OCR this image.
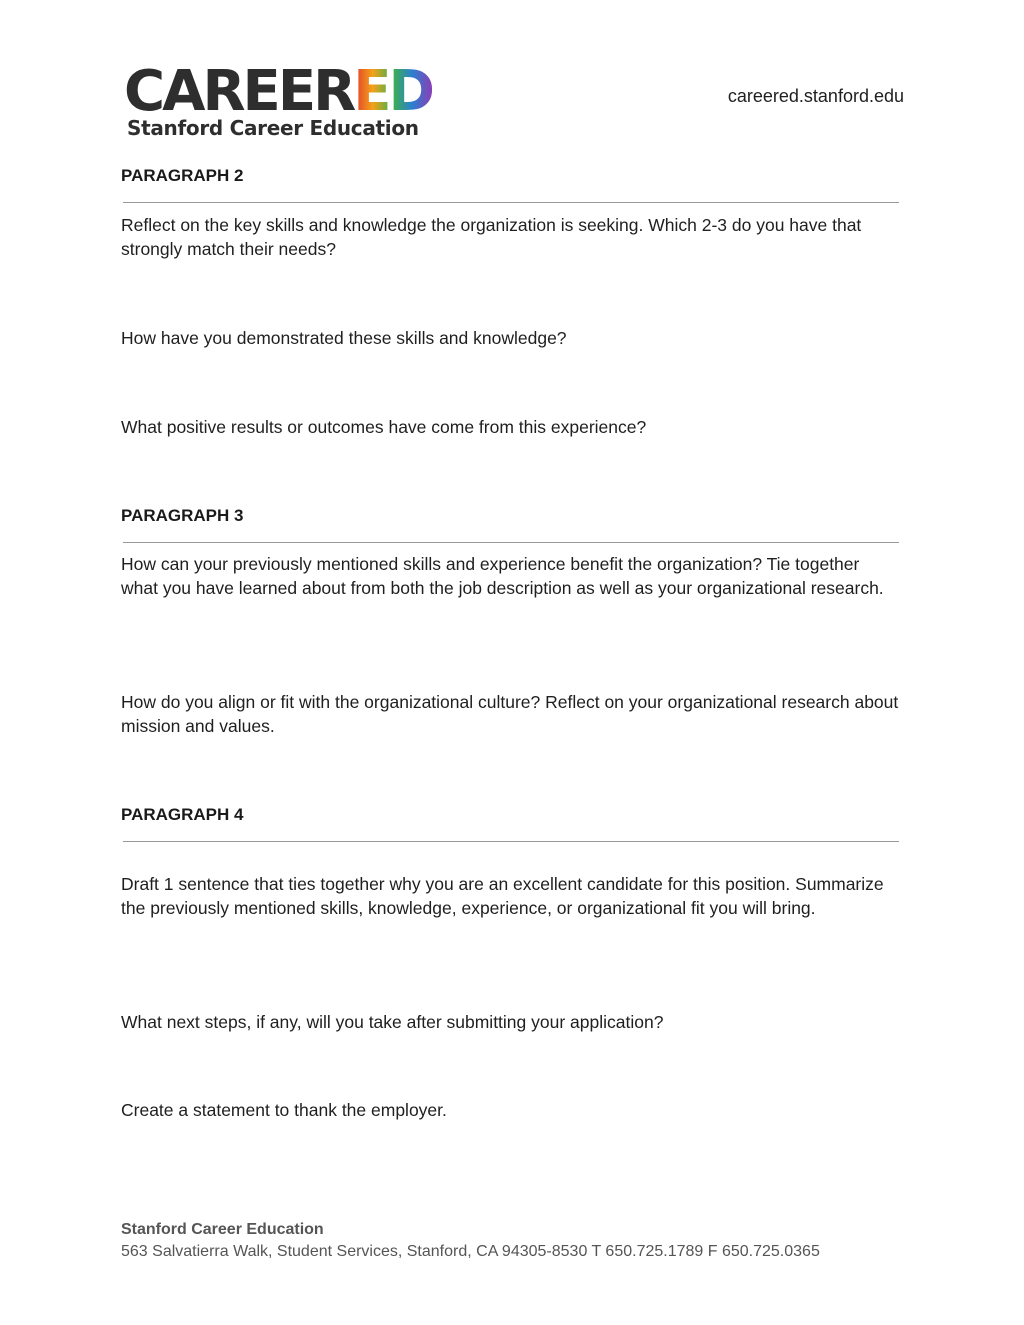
CAREERED
Stanford Career Education
careered.stanford.edu
PARAGRAPH 2
Reflect on the key skills and knowledge the organization is seeking. Which 2-3 do you have that strongly match their needs?
How have you demonstrated these skills and knowledge?
What positive results or outcomes have come from this experience?
PARAGRAPH 3
How can your previously mentioned skills and experience benefit the organization? Tie together what you have learned about from both the job description as well as your organizational research.
How do you align or fit with the organizational culture? Reflect on your organizational research about mission and values.
PARAGRAPH 4
Draft 1 sentence that ties together why you are an excellent candidate for this position. Summarize the previously mentioned skills, knowledge, experience, or organizational fit you will bring.
What next steps, if any, will you take after submitting your application?
Create a statement to thank the employer.
Stanford Career Education
563 Salvatierra Walk, Student Services, Stanford, CA 94305-8530 T 650.725.1789 F 650.725.0365
